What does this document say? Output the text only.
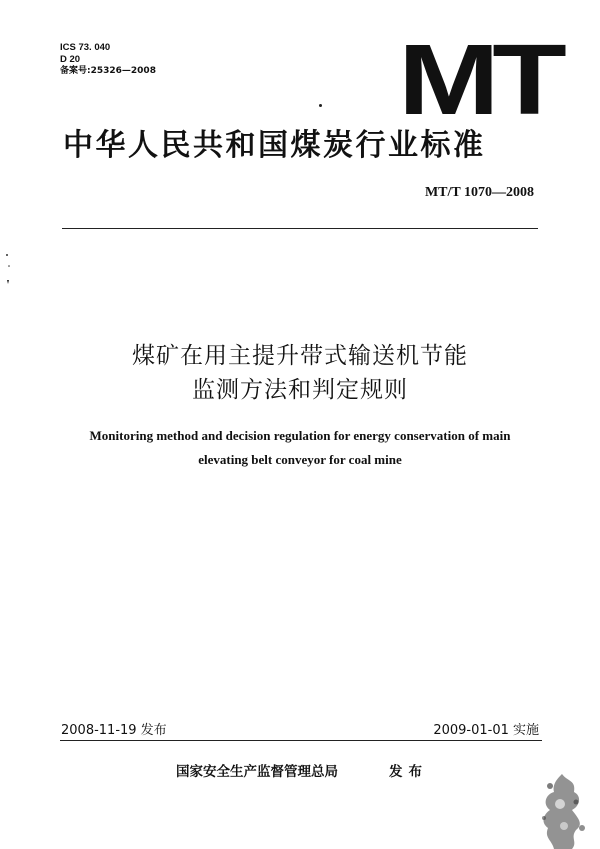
ICS 73. 040
D 20
备案号:25326—2008 MT
中华人民共和国煤炭行业标准
MT/T 1070—2008
煤矿在用主提升带式输送机节能
监测方法和判定规则
Monitoring method and decision regulation for energy conservation of main
elevating belt conveyor for coal mine
2008-11-19 发布	2009-01-01 实施
国家安全生产监督管理总局	发布
